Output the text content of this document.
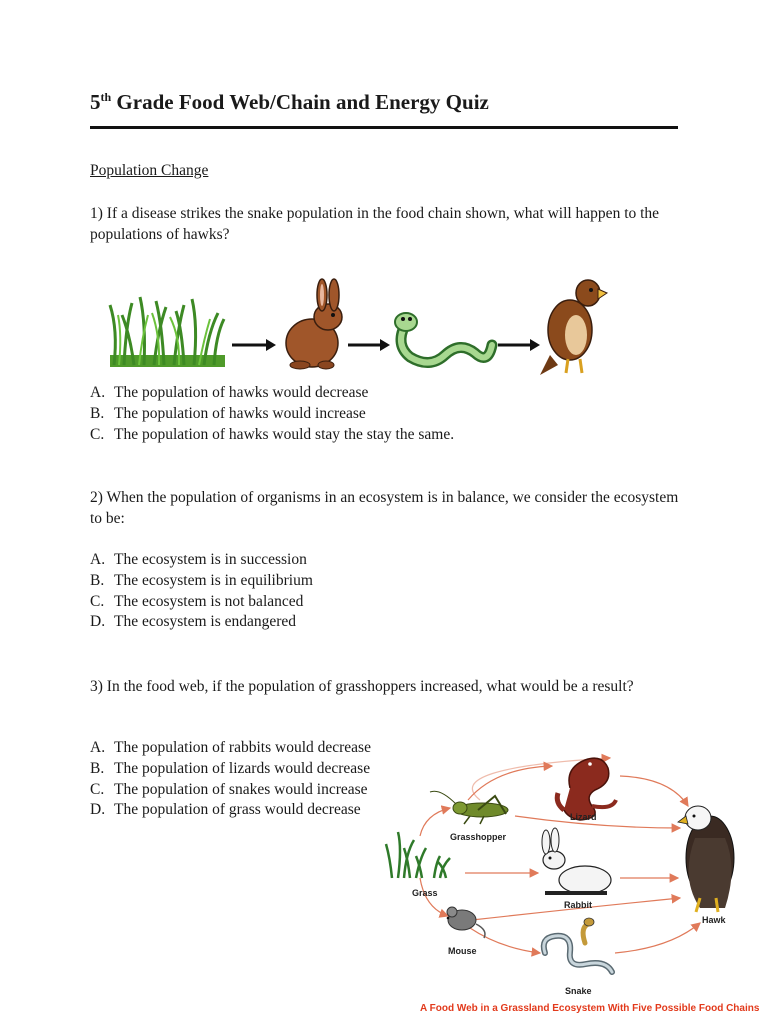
5th Grade Food Web/Chain and Energy Quiz
Population Change

1) If a disease strikes the snake population in the food chain shown, what will happen to the populations of hawks?

A. The population of hawks would decrease
B. The population of hawks would increase
C. The population of hawks would stay the stay the same.

2) When the population of organisms in an ecosystem is in balance, we consider the ecosystem to be:

A. The ecosystem is in succession
B. The ecosystem is in equilibrium
C. The ecosystem is not balanced
D. The ecosystem is endangered

3) In the food web, if the population of grasshoppers increased, what would be a result?

A. The population of rabbits would decrease
B. The population of lizards would decrease
C. The population of snakes would increase
D. The population of grass would decrease	Lizard
Grasshopper
Grass
Rabbit
Hawk
Mouse
Snake
A Food Web in a Grassland Ecosystem With Five Possible Food Chains
